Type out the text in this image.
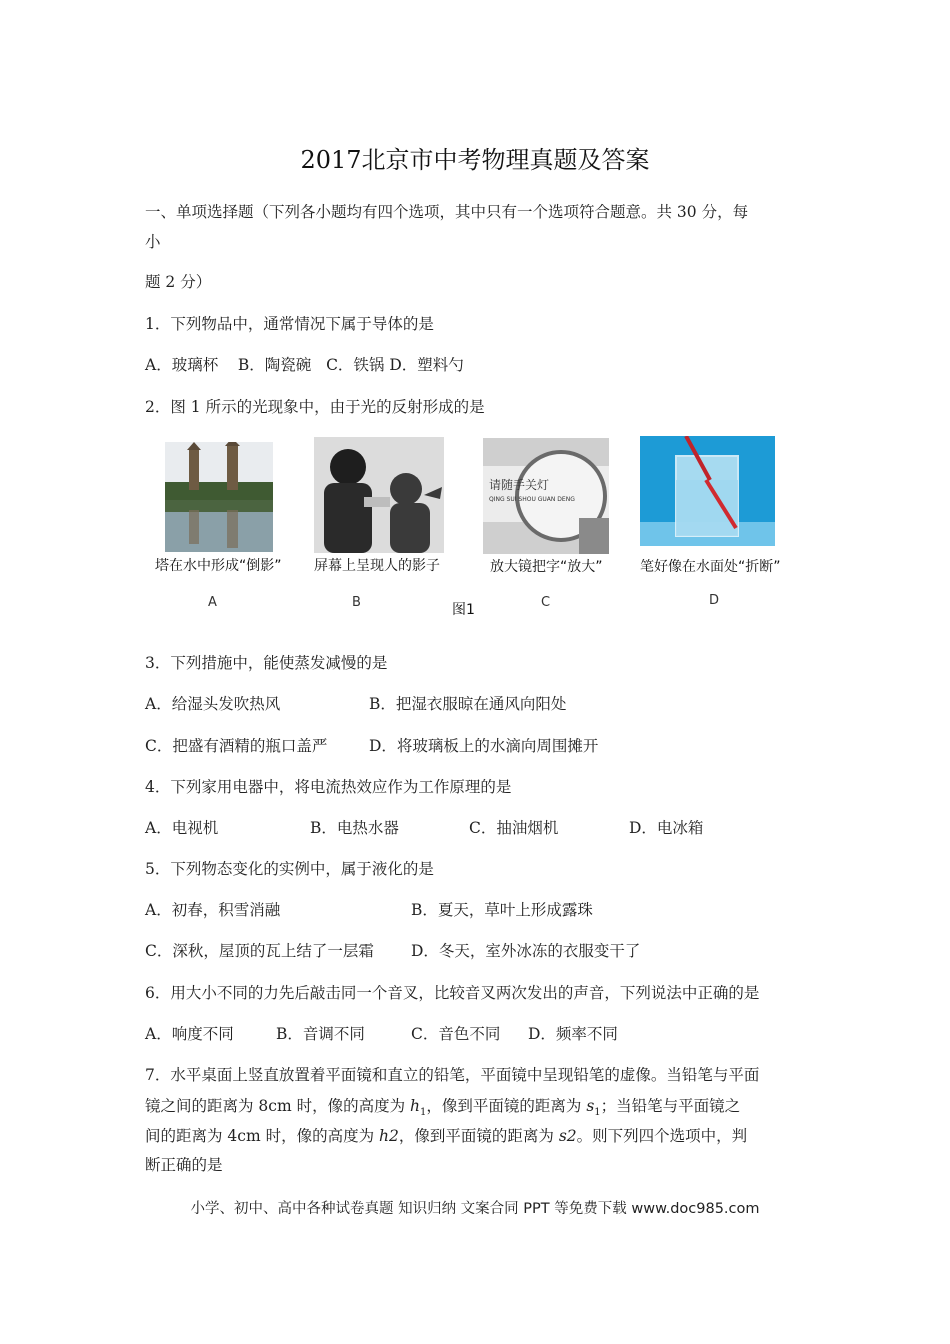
2017北京市中考物理真题及答案
一、单项选择题（下列各小题均有四个选项，其中只有一个选项符合题意。共 30 分，每
小
题 2 分）
1．下列物品中，通常情况下属于导体的是
A．玻璃杯    B．陶瓷碗   C．铁锅 D．塑料勺
2．图 1 所示的光现象中，由于光的反射形成的是
请随手关灯
QING SUI SHOU GUAN DENG
塔在水中形成“倒影” 屏幕上呈现人的影子	放大镜把字“放大”	笔好像在水面处“折断”
A	B	C	D
图1
3．下列措施中，能使蒸发减慢的是
A．给湿头发吹热风	B．把湿衣服晾在通风向阳处
C．把盛有酒精的瓶口盖严	D．将玻璃板上的水滴向周围摊开
4．下列家用电器中，将电流热效应作为工作原理的是
A．电视机	B．电热水器	C．抽油烟机	D．电冰箱
5．下列物态变化的实例中，属于液化的是
A．初春，积雪消融	B．夏天，草叶上形成露珠
C．深秋，屋顶的瓦上结了一层霜 D．冬天，室外冰冻的衣服变干了
6．用大小不同的力先后敲击同一个音叉，比较音叉两次发出的声音，下列说法中正确的是
A．响度不同	B．音调不同	C．音色不同 D．频率不同
7．水平桌面上竖直放置着平面镜和直立的铅笔，平面镜中呈现铅笔的虚像。当铅笔与平面
镜之间的距离为 8cm 时，像的高度为 $h_1$，像到平面镜的距离为 $s_1$；当铅笔与平面镜之
间的距离为 4cm 时，像的高度为 h2，像到平面镜的距离为 s2。则下列四个选项中，判
断正确的是
小学、初中、高中各种试卷真题 知识归纳 文案合同 PPT 等免费下载 www.doc985.com
